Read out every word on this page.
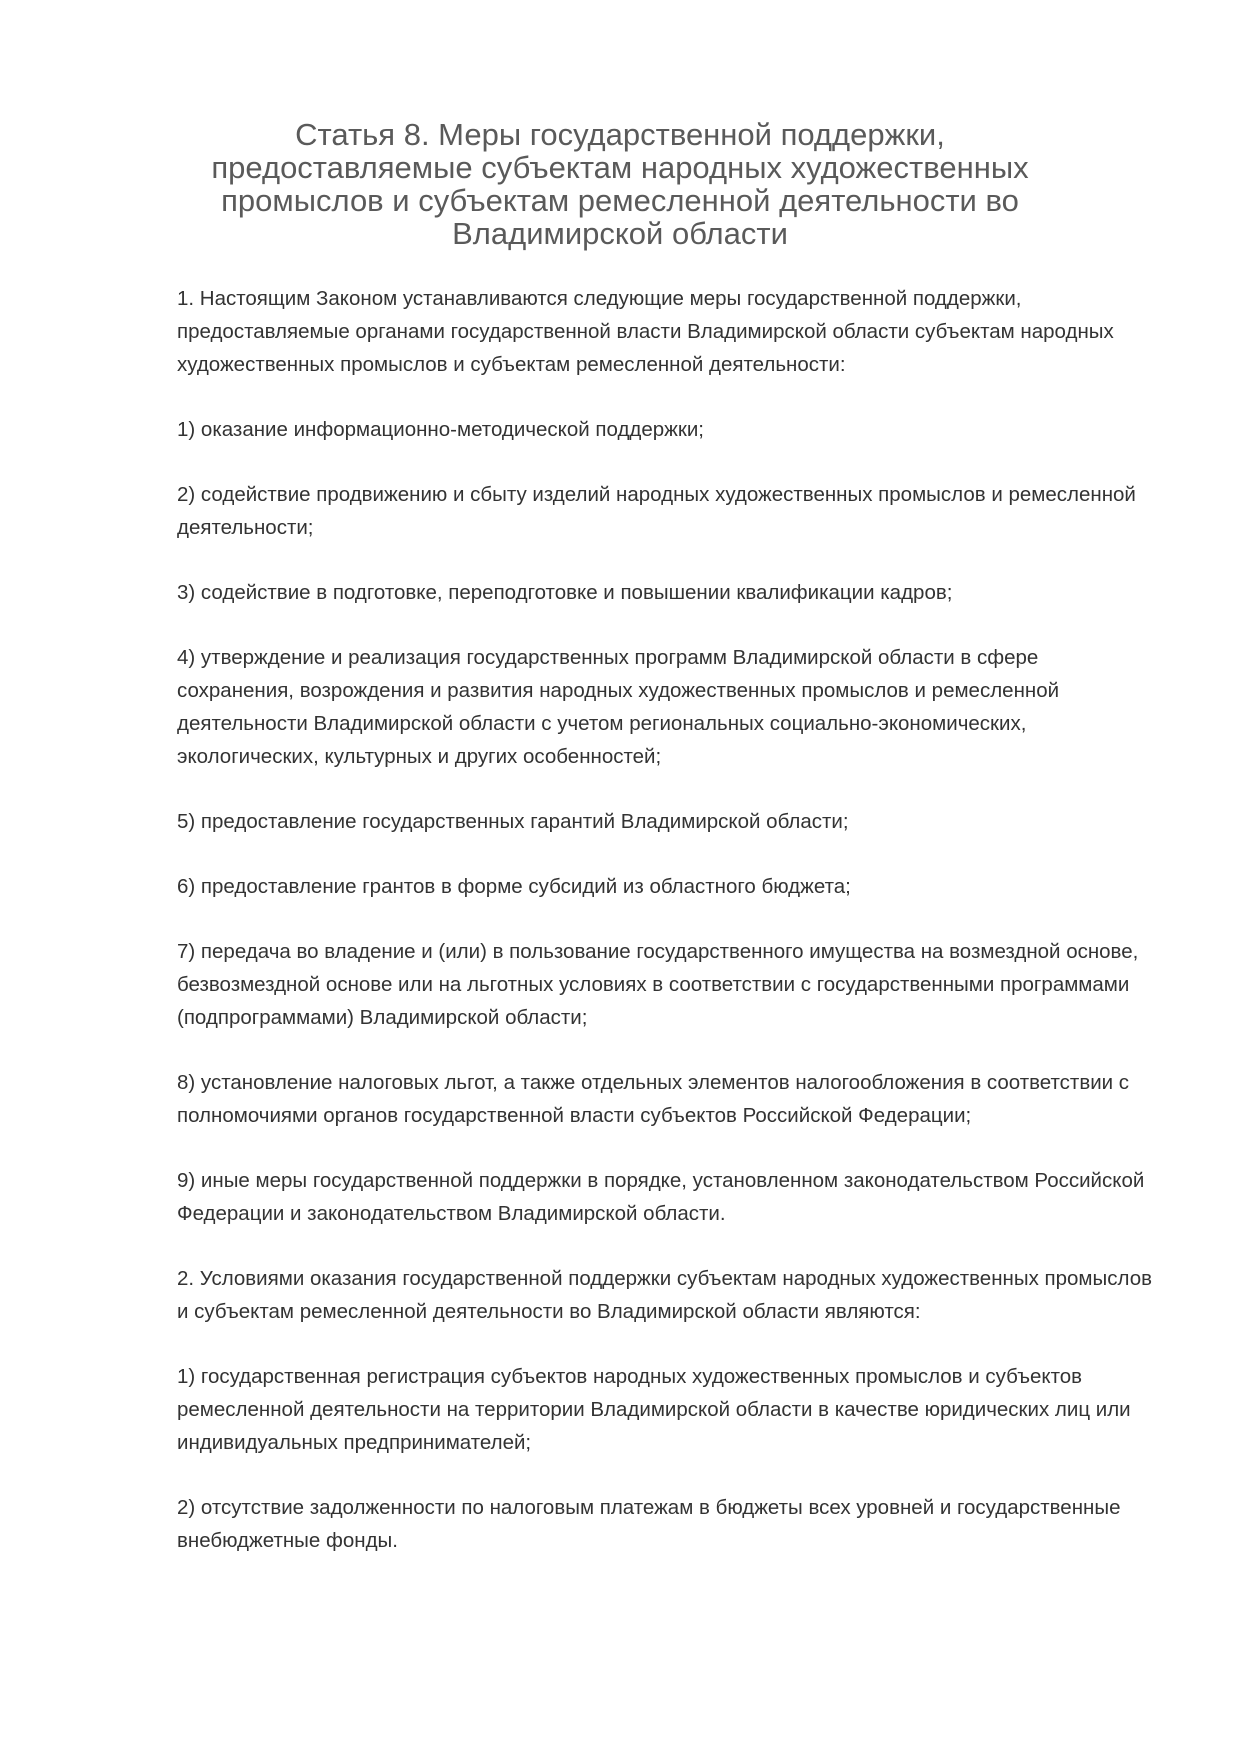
Статья 8. Меры государственной поддержки, предоставляемые субъектам народных художественных промыслов и субъектам ремесленной деятельности во Владимирской области

1. Настоящим Законом устанавливаются следующие меры государственной поддержки, предоставляемые органами государственной власти Владимирской области субъектам народных художественных промыслов и субъектам ремесленной деятельности:

1) оказание информационно-методической поддержки;

2) содействие продвижению и сбыту изделий народных художественных промыслов и ремесленной деятельности;

3) содействие в подготовке, переподготовке и повышении квалификации кадров;

4) утверждение и реализация государственных программ Владимирской области в сфере сохранения, возрождения и развития народных художественных промыслов и ремесленной деятельности Владимирской области с учетом региональных социально-экономических, экологических, культурных и других особенностей;

5) предоставление государственных гарантий Владимирской области;

6) предоставление грантов в форме субсидий из областного бюджета;

7) передача во владение и (или) в пользование государственного имущества на возмездной основе, безвозмездной основе или на льготных условиях в соответствии с государственными программами (подпрограммами) Владимирской области;

8) установление налоговых льгот, а также отдельных элементов налогообложения в соответствии с полномочиями органов государственной власти субъектов Российской Федерации;

9) иные меры государственной поддержки в порядке, установленном законодательством Российской Федерации и законодательством Владимирской области.

2. Условиями оказания государственной поддержки субъектам народных художественных промыслов и субъектам ремесленной деятельности во Владимирской области являются:

1) государственная регистрация субъектов народных художественных промыслов и субъектов ремесленной деятельности на территории Владимирской области в качестве юридических лиц или индивидуальных предпринимателей;

2) отсутствие задолженности по налоговым платежам в бюджеты всех уровней и государственные внебюджетные фонды.
